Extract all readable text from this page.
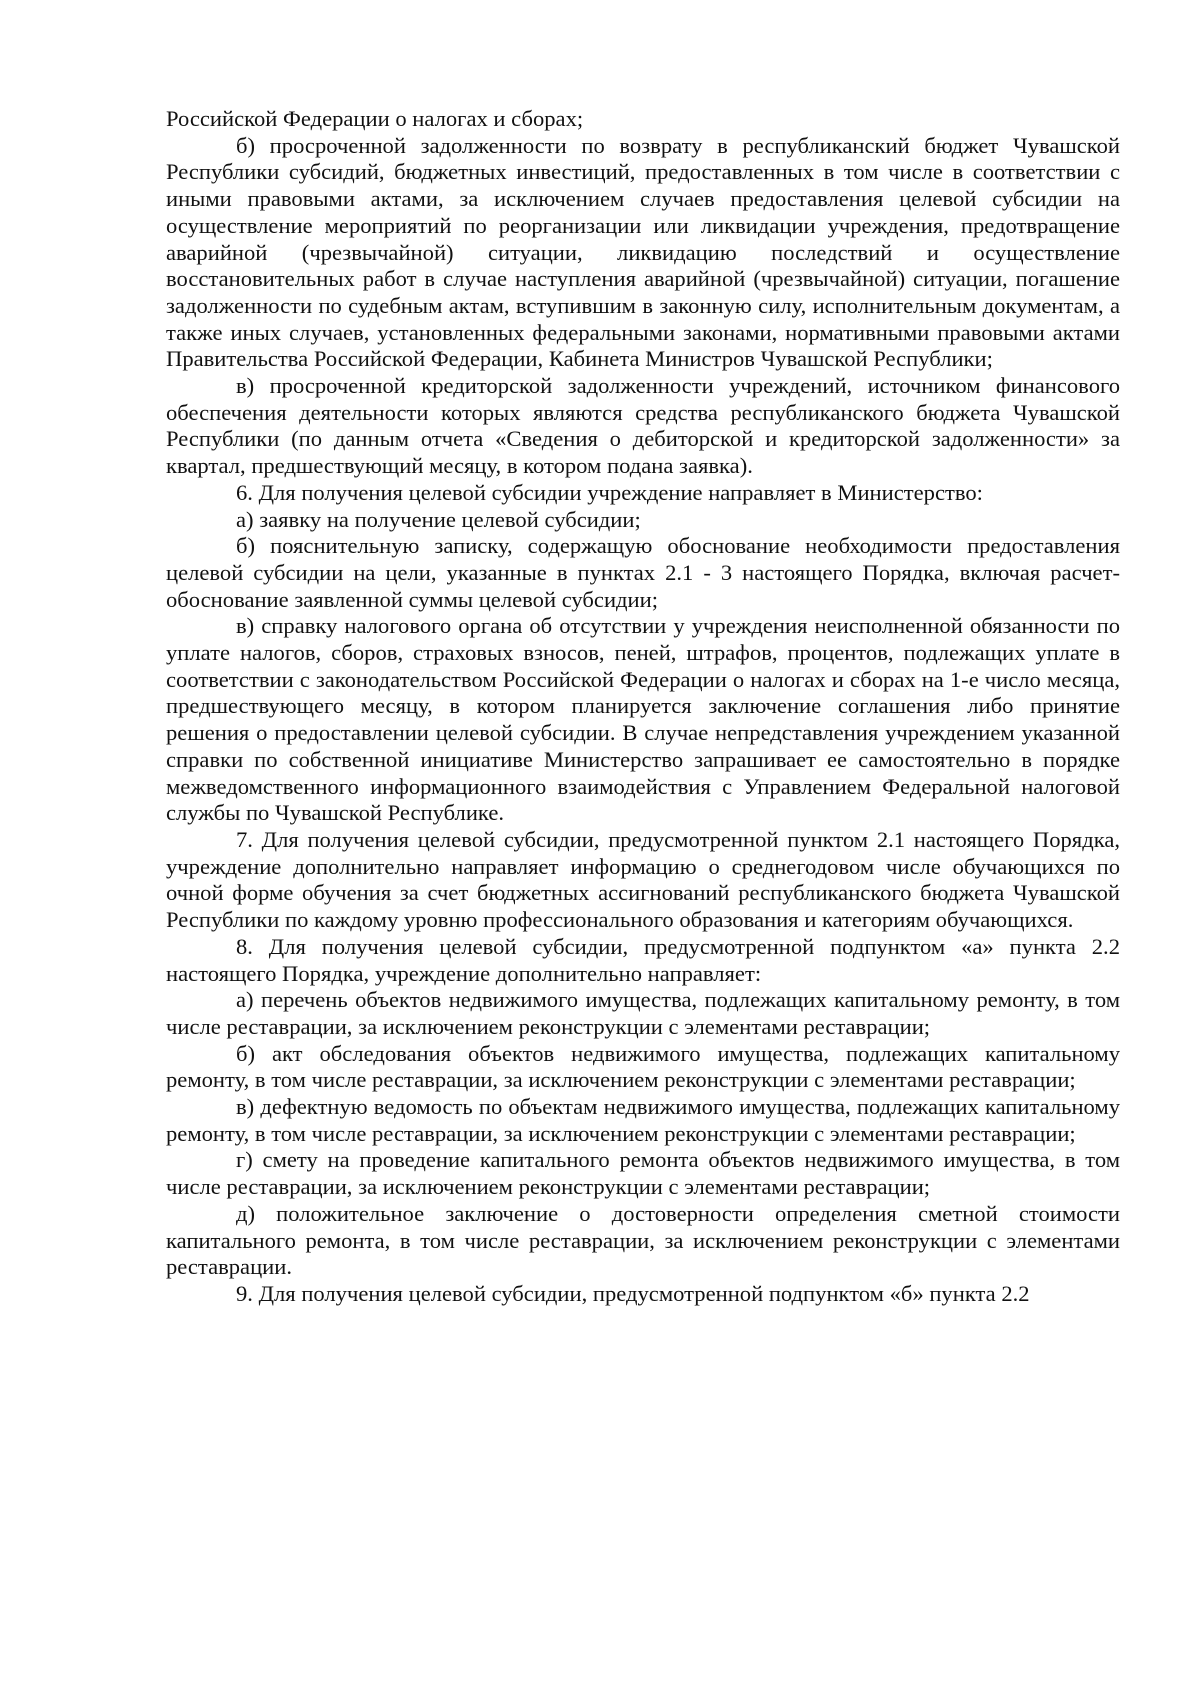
Российской Федерации о налогах и сборах;

б) просроченной задолженности по возврату в республиканский бюджет Чувашской Республики субсидий, бюджетных инвестиций, предоставленных в том числе в соответствии с иными правовыми актами, за исключением случаев предоставления целевой субсидии на осуществление мероприятий по реорганизации или ликвидации учреждения, предотвращение аварийной (чрезвычайной) ситуации, ликвидацию последствий и осуществление восстановительных работ в случае наступления аварийной (чрезвычайной) ситуации, погашение задолженности по судебным актам, вступившим в законную силу, исполнительным документам, а также иных случаев, установленных федеральными законами, нормативными правовыми актами Правительства Российской Федерации, Кабинета Министров Чувашской Республики;

в) просроченной кредиторской задолженности учреждений, источником финансового обеспечения деятельности которых являются средства республиканского бюджета Чувашской Республики (по данным отчета «Сведения о дебиторской и кредиторской задолженности» за квартал, предшествующий месяцу, в котором подана заявка).

6. Для получения целевой субсидии учреждение направляет в Министерство:

а) заявку на получение целевой субсидии;

б) пояснительную записку, содержащую обоснование необходимости предоставления целевой субсидии на цели, указанные в пунктах 2.1 - 3 настоящего Порядка, включая расчет-обоснование заявленной суммы целевой субсидии;

в) справку налогового органа об отсутствии у учреждения неисполненной обязанности по уплате налогов, сборов, страховых взносов, пеней, штрафов, процентов, подлежащих уплате в соответствии с законодательством Российской Федерации о налогах и сборах на 1-е число месяца, предшествующего месяцу, в котором планируется заключение соглашения либо принятие решения о предоставлении целевой субсидии. В случае непредставления учреждением указанной справки по собственной инициативе Министерство запрашивает ее самостоятельно в порядке межведомственного информационного взаимодействия с Управлением Федеральной налоговой службы по Чувашской Республике.

7. Для получения целевой субсидии, предусмотренной пунктом 2.1 настоящего Порядка, учреждение дополнительно направляет информацию о среднегодовом числе обучающихся по очной форме обучения за счет бюджетных ассигнований республиканского бюджета Чувашской Республики по каждому уровню профессионального образования и категориям обучающихся.

8. Для получения целевой субсидии, предусмотренной подпунктом «а» пункта 2.2 настоящего Порядка, учреждение дополнительно направляет:

а) перечень объектов недвижимого имущества, подлежащих капитальному ремонту, в том числе реставрации, за исключением реконструкции с элементами реставрации;

б) акт обследования объектов недвижимого имущества, подлежащих капитальному ремонту, в том числе реставрации, за исключением реконструкции с элементами реставрации;

в) дефектную ведомость по объектам недвижимого имущества, подлежащих капитальному ремонту, в том числе реставрации, за исключением реконструкции с элементами реставрации;

г) смету на проведение капитального ремонта объектов недвижимого имущества, в том числе реставрации, за исключением реконструкции с элементами реставрации;

д) положительное заключение о достоверности определения сметной стоимости капитального ремонта, в том числе реставрации, за исключением реконструкции с элементами реставрации.

9. Для получения целевой субсидии, предусмотренной подпунктом «б» пункта 2.2
